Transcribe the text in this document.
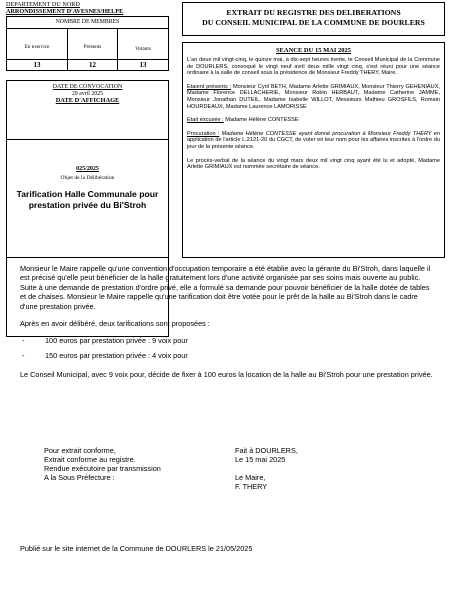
DEPARTEMENT DU NORD
ARRONDISSEMENT D'AVESNES/HELPE
NOMBRE DE MEMBRES
En exercice
13
Présents
12
Votants
13
DATE DE CONVOCATION
29 avril 2025
DATE D'AFFICHAGE
025/2025
Objet de la Délibération
Tarification Halle Communale pour prestation privée du Bi'Stroh
EXTRAIT DU REGISTRE DES DELIBERATIONS
DU CONSEIL MUNICIPAL DE LA COMMUNE DE DOURLERS
SEANCE DU 15 MAI 2025

L'an deux mil vingt-cinq, le quinze mai, à dix-sept heures trente, le Conseil Municipal de la Commune de DOURLERS, convoqué le vingt neuf avril deux mille vingt cinq, s'est réuni pour une séance ordinaire à la salle de conseil sous la présidence de Monsieur Freddy THERY, Maire.

Etaient présents : Monsieur Cyril BETH, Madame Arlette GRIMIAUX, Monsieur Thierry GEHENIAUX, Madame Florence DELLACHERIE, Monsieur Robin HERBAUT, Madame Catherine JAMME, Monsieur Jonathan DUTEIL, Madame Isabelle WILLOT, Messieurs Mathieu GROSFILS, Romain HOURDEAUX, Madame Laurence LAMORISSE

Etait excusée : Madame Hélène CONTESSE

Procuration : Madame Hélène CONTESSE ayant donné procuration à Monsieur Freddy THERY en application de l'article L.2121-20 du CGCT, de voter en leur nom pour les affaires inscrites à l'ordre du jour de la présente séance.

Le procès-verbal de la séance du vingt mars deux mil vingt cinq ayant été lu et adopté, Madame Arlette GRIMIAUX est nommée secrétaire de séance.

Monsieur le Maire rappelle qu'une convention d'occupation temporaire a été établie avec la gérante du Bi'Stroh, dans laquelle il est précisé qu'elle peut bénéficier de la halle gratuitement lors d'une activité organisée par ses soins mais ouverte au public. Suite à une demande de prestation d'ordre privé, elle a formulé sa demande pour pouvoir bénéficier de la halle dotée de tables et de chaises. Monsieur le Maire rappelle qu'une tarification doit être votée pour le prêt de la halle au Bi'Stroh dans le cadre d'une prestation privée.

Après en avoir délibéré, deux tarifications sont proposées :

-	100 euros par prestation privée : 9 voix pour
-	150 euros par prestation privée : 4 voix pour

Le Conseil Municipal, avec 9 voix pour, décide de fixer à 100 euros la location de la halle au Bi'Stroh pour une prestation privée.

Pour extrait conforme,
Extrait conforme au registre.
Rendue exécutoire par transmission
A la Sous Préfecture :
Fait à DOURLERS,
Le 15 mai 2025
Le Maire,
F. THERY
Publié sur le site internet de la Commune de DOURLERS le 21/05/2025
